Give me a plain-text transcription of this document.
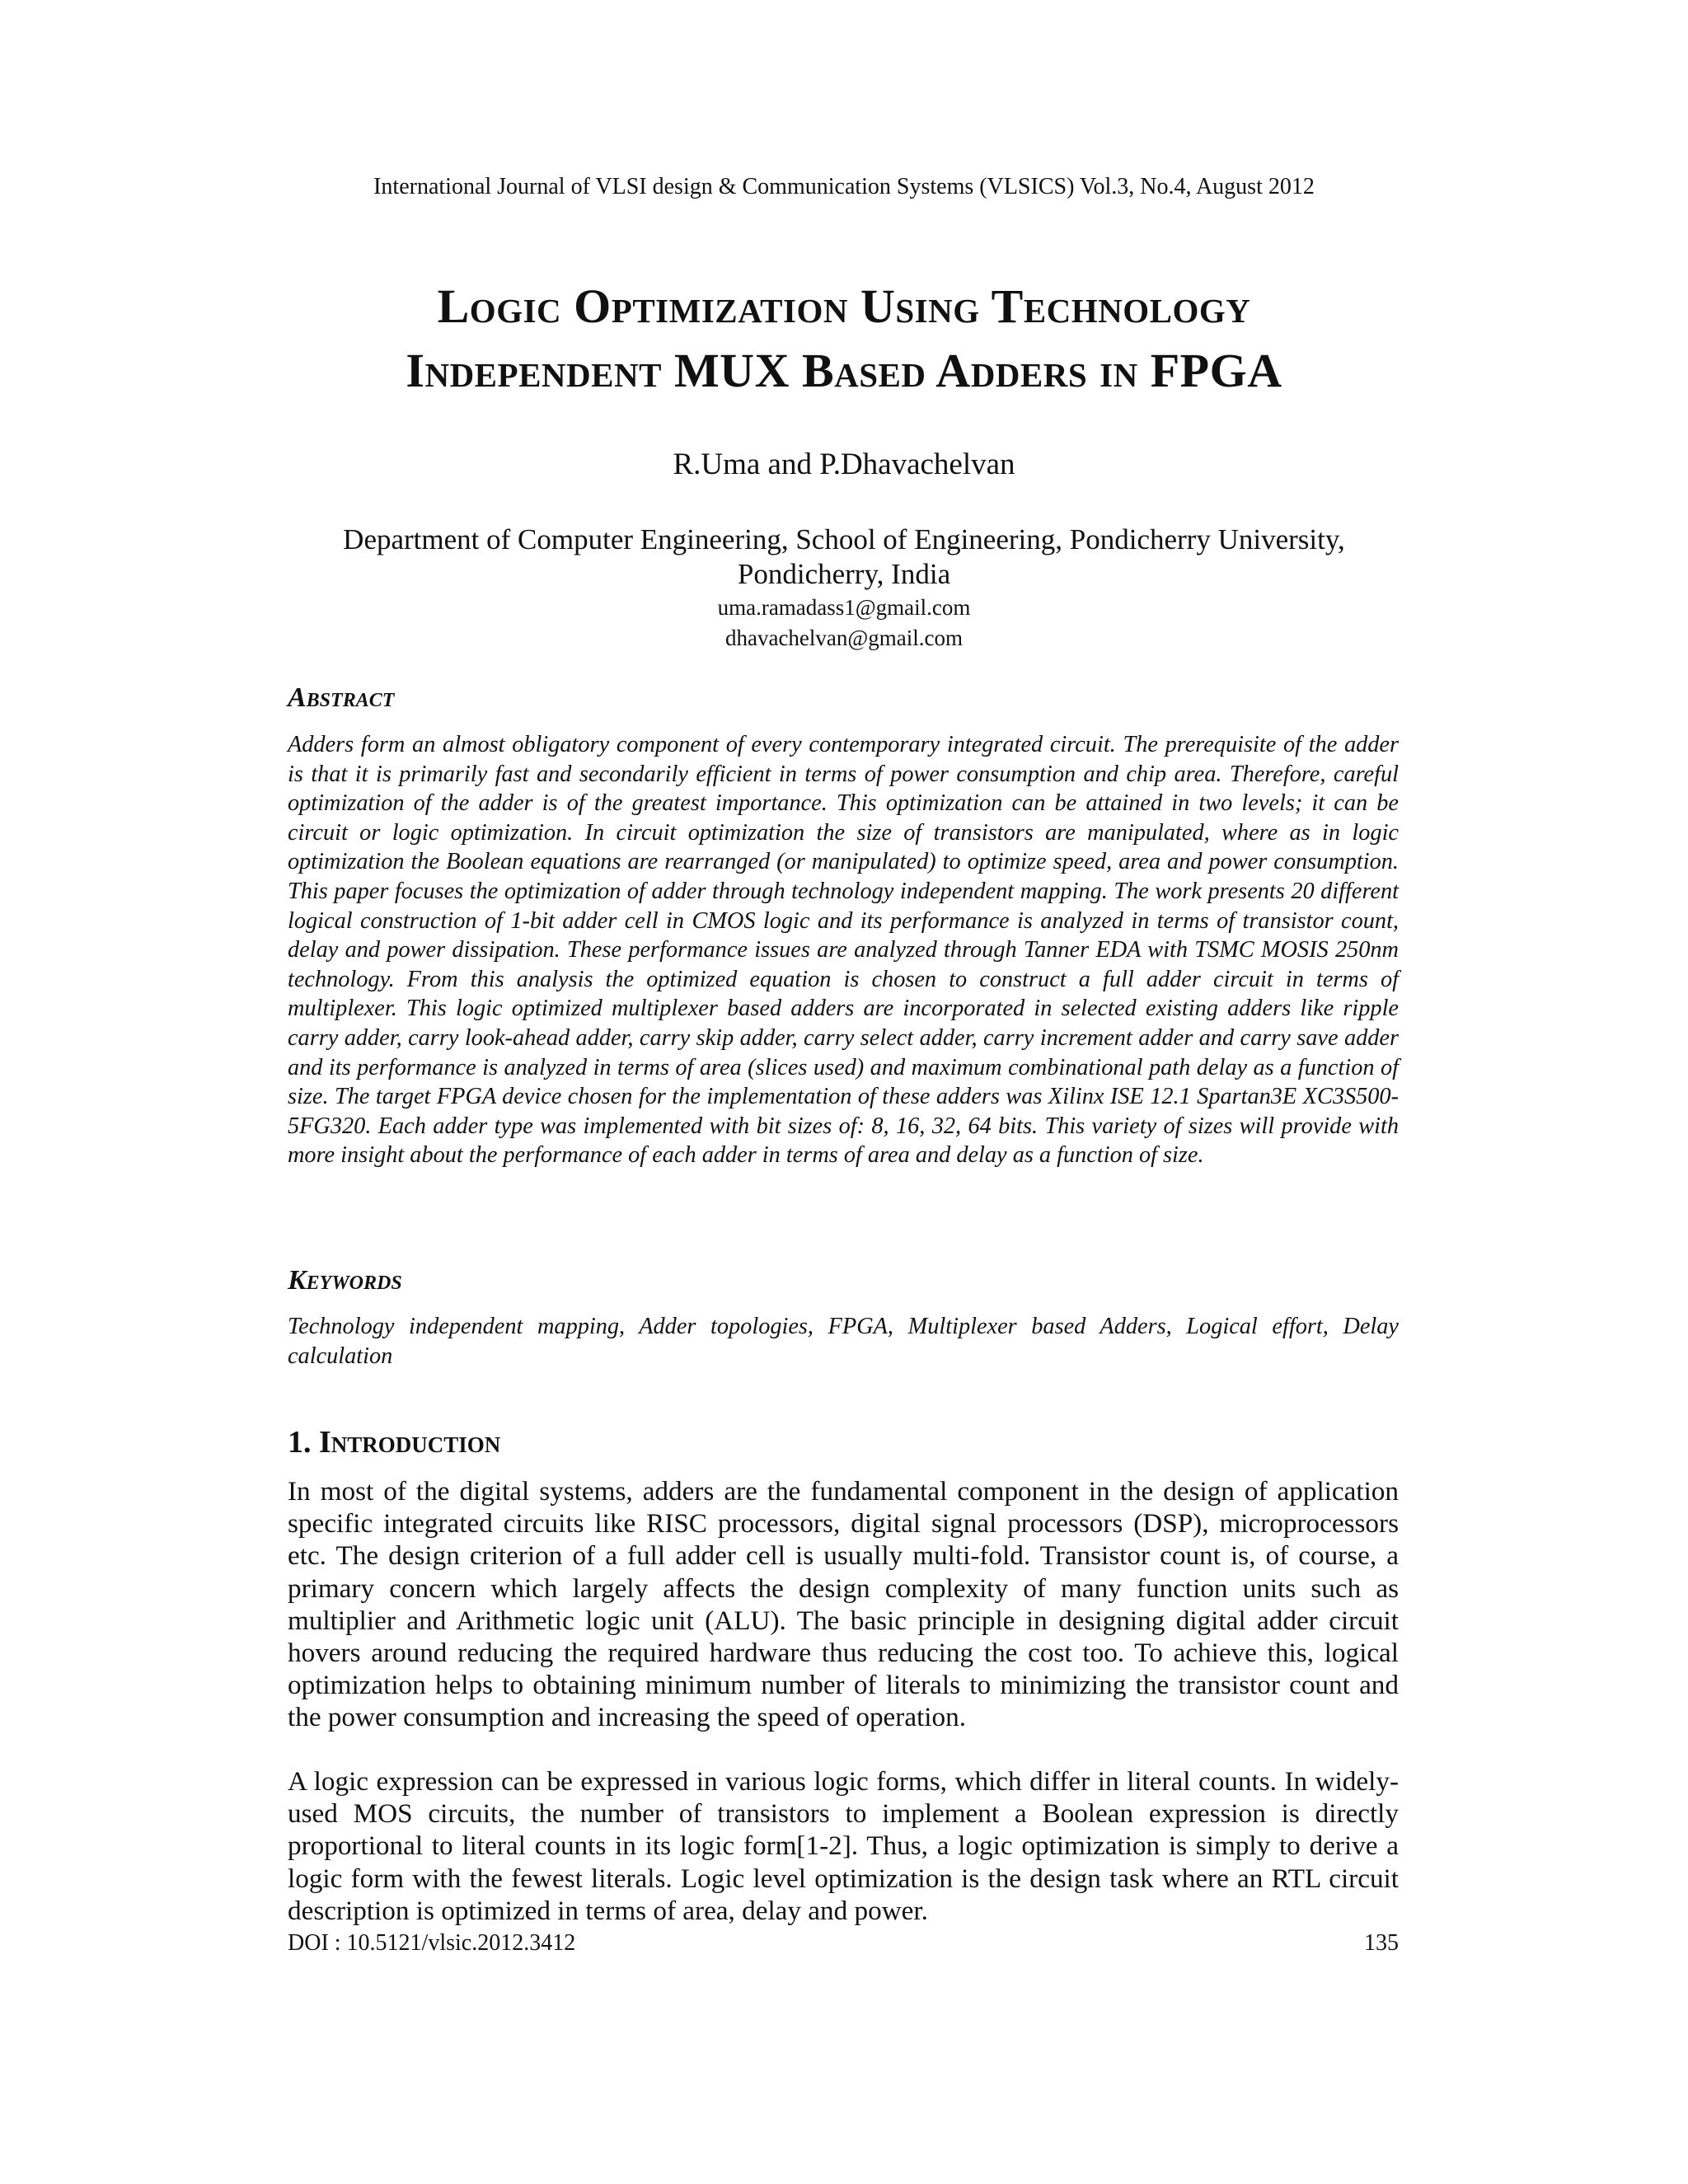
International Journal of VLSI design & Communication Systems (VLSICS) Vol.3, No.4, August 2012
Logic Optimization Using Technology
Independent MUX Based Adders in FPGA
R.Uma and P.Dhavachelvan
Department of Computer Engineering, School of Engineering, Pondicherry University,
Pondicherry, India
uma.ramadass1@gmail.com
dhavachelvan@gmail.com
Abstract
Adders form an almost obligatory component of every contemporary integrated circuit. The prerequisite of the adder is that it is primarily fast and secondarily efficient in terms of power consumption and chip area. Therefore, careful optimization of the adder is of the greatest importance. This optimization can be attained in two levels; it can be circuit or logic optimization. In circuit optimization the size of transistors are manipulated, where as in logic optimization the Boolean equations are rearranged (or manipulated) to optimize speed, area and power consumption. This paper focuses the optimization of adder through technology independent mapping. The work presents 20 different logical construction of 1-bit adder cell in CMOS logic and its performance is analyzed in terms of transistor count, delay and power dissipation. These performance issues are analyzed through Tanner EDA with TSMC MOSIS 250nm technology. From this analysis the optimized equation is chosen to construct a full adder circuit in terms of multiplexer. This logic optimized multiplexer based adders are incorporated in selected existing adders like ripple carry adder, carry look-ahead adder, carry skip adder, carry select adder, carry increment adder and carry save adder and its performance is analyzed in terms of area (slices used) and maximum combinational path delay as a function of size. The target FPGA device chosen for the implementation of these adders was Xilinx ISE 12.1 Spartan3E XC3S500-5FG320. Each adder type was implemented with bit sizes of: 8, 16, 32, 64 bits. This variety of sizes will provide with more insight about the performance of each adder in terms of area and delay as a function of size.
Keywords
Technology independent mapping, Adder topologies, FPGA, Multiplexer based Adders, Logical effort, Delay calculation
1. Introduction
In most of the digital systems, adders are the fundamental component in the design of application specific integrated circuits like RISC processors, digital signal processors (DSP), microprocessors etc. The design criterion of a full adder cell is usually multi-fold. Transistor count is, of course, a primary concern which largely affects the design complexity of many function units such as multiplier and Arithmetic logic unit (ALU). The basic principle in designing digital adder circuit hovers around reducing the required hardware thus reducing the cost too. To achieve this, logical optimization helps to obtaining minimum number of literals to minimizing the transistor count and the power consumption and increasing the speed of operation.
A logic expression can be expressed in various logic forms, which differ in literal counts. In widely-used MOS circuits, the number of transistors to implement a Boolean expression is directly proportional to literal counts in its logic form[1-2]. Thus, a logic optimization is simply to derive a logic form with the fewest literals. Logic level optimization is the design task where an RTL circuit description is optimized in terms of area, delay and power.
DOI : 10.5121/vlsic.2012.3412	135
